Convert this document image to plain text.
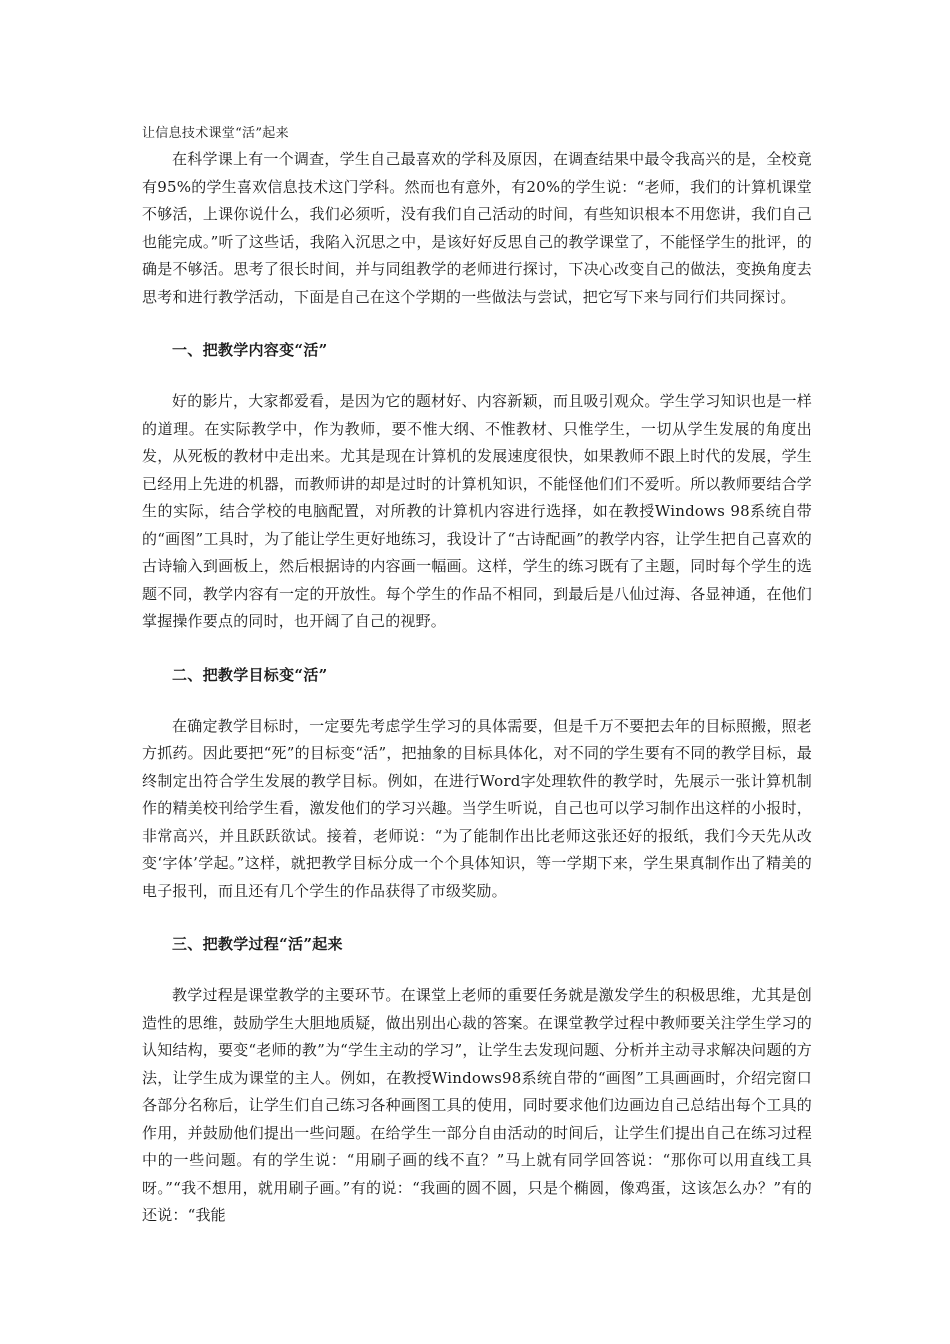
让信息技术课堂“活”起来

在科学课上有一个调查，学生自己最喜欢的学科及原因，在调查结果中最令我高兴的是，全校竟有95%的学生喜欢信息技术这门学科。然而也有意外，有20%的学生说：“老师，我们的计算机课堂不够活，上课你说什么，我们必须听，没有我们自己活动的时间，有些知识根本不用您讲，我们自己也能完成。”听了这些话，我陷入沉思之中，是该好好反思自己的教学课堂了，不能怪学生的批评，的确是不够活。思考了很长时间，并与同组教学的老师进行探讨，下决心改变自己的做法，变换角度去思考和进行教学活动，下面是自己在这个学期的一些做法与尝试，把它写下来与同行们共同探讨。

一、把教学内容变“活”

好的影片，大家都爱看，是因为它的题材好、内容新颖，而且吸引观众。学生学习知识也是一样的道理。在实际教学中，作为教师，要不惟大纲、不惟教材、只惟学生，一切从学生发展的角度出发，从死板的教材中走出来。尤其是现在计算机的发展速度很快，如果教师不跟上时代的发展，学生已经用上先进的机器，而教师讲的却是过时的计算机知识，不能怪他们们不爱听。所以教师要结合学生的实际，结合学校的电脑配置，对所教的计算机内容进行选择，如在教授Windows 98系统自带的“画图”工具时，为了能让学生更好地练习，我设计了“古诗配画”的教学内容，让学生把自己喜欢的古诗输入到画板上，然后根据诗的内容画一幅画。这样，学生的练习既有了主题，同时每个学生的选题不同，教学内容有一定的开放性。每个学生的作品不相同，到最后是八仙过海、各显神通，在他们掌握操作要点的同时，也开阔了自己的视野。

二、把教学目标变“活”

在确定教学目标时，一定要先考虑学生学习的具体需要，但是千万不要把去年的目标照搬，照老方抓药。因此要把“死”的目标变“活”，把抽象的目标具体化，对不同的学生要有不同的教学目标，最终制定出符合学生发展的教学目标。例如，在进行Word字处理软件的教学时，先展示一张计算机制作的精美校刊给学生看，激发他们的学习兴趣。当学生听说，自己也可以学习制作出这样的小报时，非常高兴，并且跃跃欲试。接着，老师说：“为了能制作出比老师这张还好的报纸，我们今天先从改变‘字体’学起。”这样，就把教学目标分成一个个具体知识，等一学期下来，学生果真制作出了精美的电子报刊，而且还有几个学生的作品获得了市级奖励。

三、把教学过程“活”起来

教学过程是课堂教学的主要环节。在课堂上老师的重要任务就是激发学生的积极思维，尤其是创造性的思维，鼓励学生大胆地质疑，做出别出心裁的答案。在课堂教学过程中教师要关注学生学习的认知结构，要变“老师的教”为“学生主动的学习”，让学生去发现问题、分析并主动寻求解决问题的方法，让学生成为课堂的主人。例如，在教授Windows98系统自带的“画图”工具画画时，介绍完窗口各部分名称后，让学生们自己练习各种画图工具的使用，同时要求他们边画边自己总结出每个工具的作用，并鼓励他们提出一些问题。在给学生一部分自由活动的时间后，让学生们提出自己在练习过程中的一些问题。有的学生说：“用刷子画的线不直？”马上就有同学回答说：“那你可以用直线工具呀。”“我不想用，就用刷子画。”有的说：“我画的圆不圆，只是个椭圆，像鸡蛋，这该怎么办？”有的还说：“我能
